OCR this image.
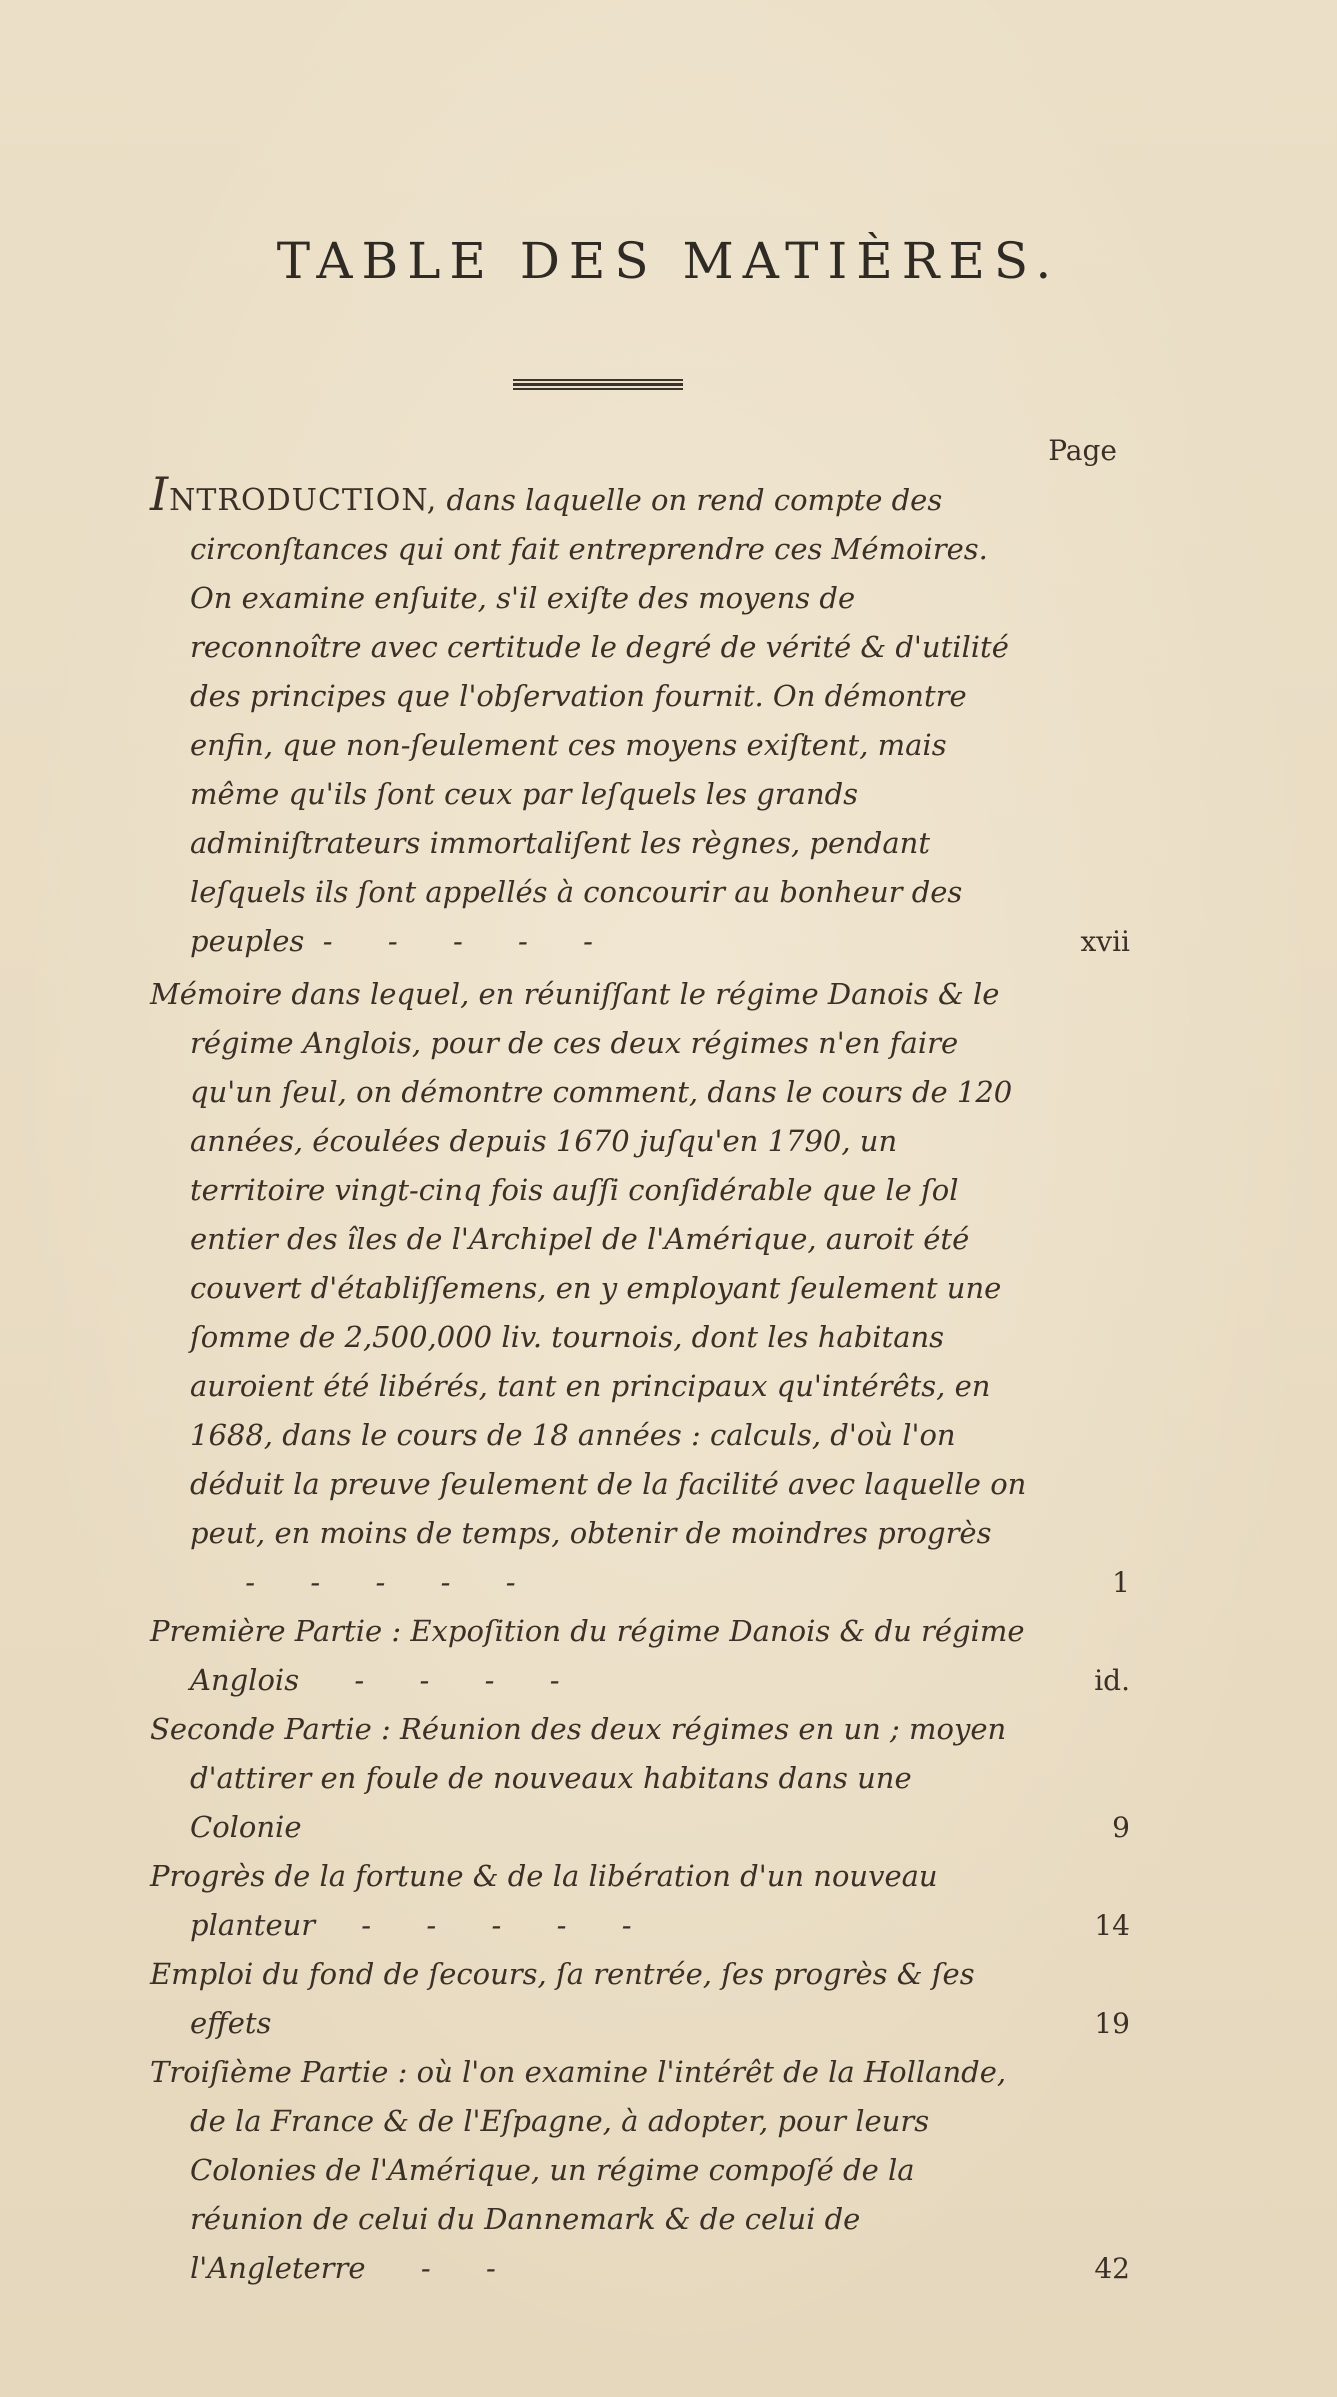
TABLE DES MATIÈRES.
Page
INTRODUCTION, dans laquelle on rend compte des circonſtances qui ont fait entreprendre ces Mémoires. On examine enſuite, s'il exiſte des moyens de reconnoître avec certitude le degré de vérité & d'utilité des principes que l'obſervation fournit. On démontre enfin, que non-ſeulement ces moyens exiſtent, mais même qu'ils ſont ceux par leſquels les grands adminiſtrateurs immortaliſent les règnes, pendant leſquels ils ſont appellés à concourir au bonheur des peuples  -      -      -      -      -	xvii
Mémoire dans lequel, en réuniſſant le régime Danois & le régime Anglois, pour de ces deux régimes n'en faire qu'un ſeul, on démontre comment, dans le cours de 120 années, écoulées depuis 1670 juſqu'en 1790, un territoire vingt-cinq fois auſſi conſidérable que le ſol entier des îles de l'Archipel de l'Amérique, auroit été couvert d'établiſſemens, en y employant ſeulement une ſomme de 2,500,000 liv. tournois, dont les habitans auroient été libérés, tant en principaux qu'intérêts, en 1688, dans le cours de 18 années : calculs, d'où l'on déduit la preuve ſeulement de la facilité avec laquelle on peut, en moins de temps, obtenir de moindres progrès      -      -      -      -      -	1
Première Partie : Expoſition du régime Danois & du régime Anglois      -      -      -      -	id.
Seconde Partie : Réunion des deux régimes en un ; moyen d'attirer en foule de nouveaux habitans dans une Colonie	9
Progrès de la fortune & de la libération d'un nouveau planteur     -      -      -      -      -	14
Emploi du fond de ſecours, ſa rentrée, ſes progrès & ſes effets	19
Troiſième Partie : où l'on examine l'intérêt de la Hollande, de la France & de l'Eſpagne, à adopter, pour leurs Colonies de l'Amérique, un régime compoſé de la réunion de celui du Dannemark & de celui de l'Angleterre      -      -	42
